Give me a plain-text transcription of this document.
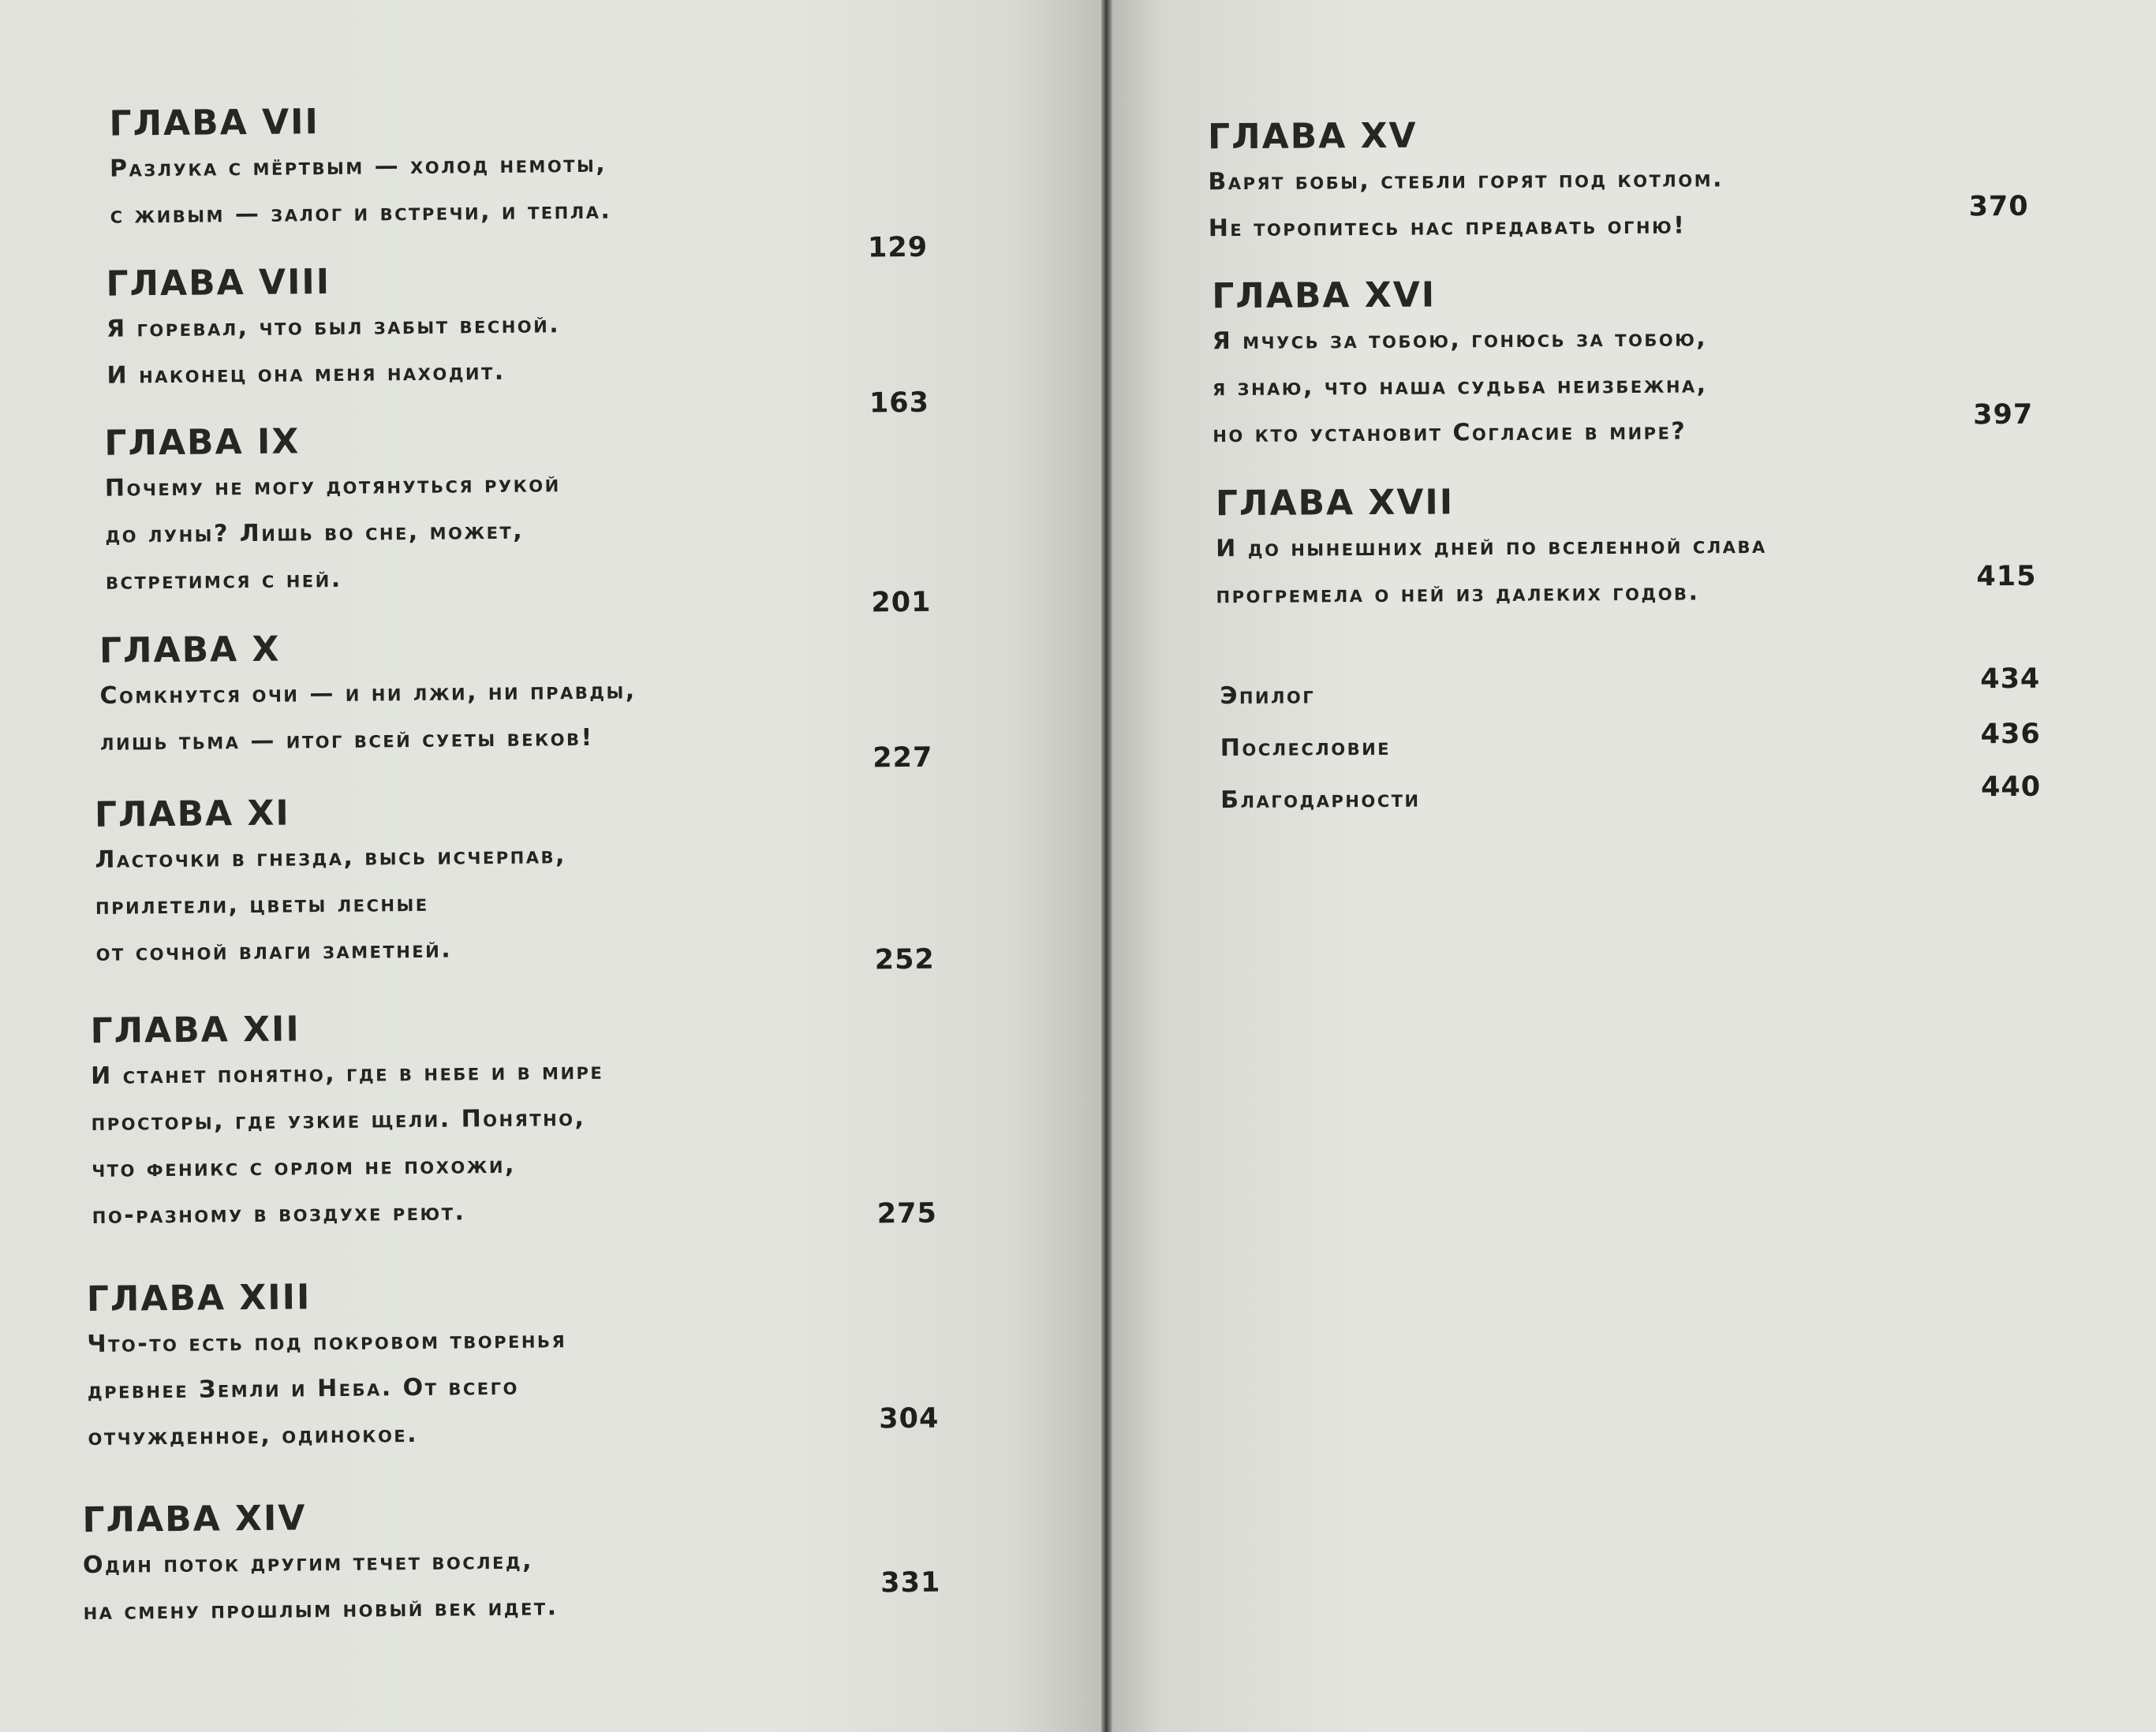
ГЛАВА VII
Разлука с мёртвым — холод немоты,
с живым — залог и встречи, и тепла.
129
ГЛАВА VIII
Я горевал, что был забыт весной.
И наконец она меня находит.
163
ГЛАВА IX
Почему не могу дотянуться рукой
до луны? Лишь во сне, может,
встретимся с ней.
201
ГЛАВА X
Сомкнутся очи — и ни лжи, ни правды,
лишь тьма — итог всей суеты веков!
227
ГЛАВА XI
Ласточки в гнезда, высь исчерпав,
прилетели, цветы лесные
от сочной влаги заметней.	252
ГЛАВА XII
И станет понятно, где в небе и в мире
просторы, где узкие щели. Понятно,
что феникс с орлом не похожи,
по-разному в воздухе реют.	275
ГЛАВА XIII
Что-то есть под покровом творенья
древнее Земли и Неба. От всего
отчужденное, одинокое.
304
ГЛАВА XIV
Один поток другим течет вослед,
на смену прошлым новый век идет.
331
ГЛАВА XV
Варят бобы, стебли горят под котлом.
Не торопитесь нас предавать огню!
370
ГЛАВА XVI
Я мчусь за тобою, гонюсь за тобою,
я знаю, что наша судьба неизбежна,
но кто установит Согласие в мире?
397
ГЛАВА XVII
И до нынешних дней по вселенной слава
прогремела о ней из далеких годов.
415
Эпилог
434
Послесловие	436
Благодарности	440
